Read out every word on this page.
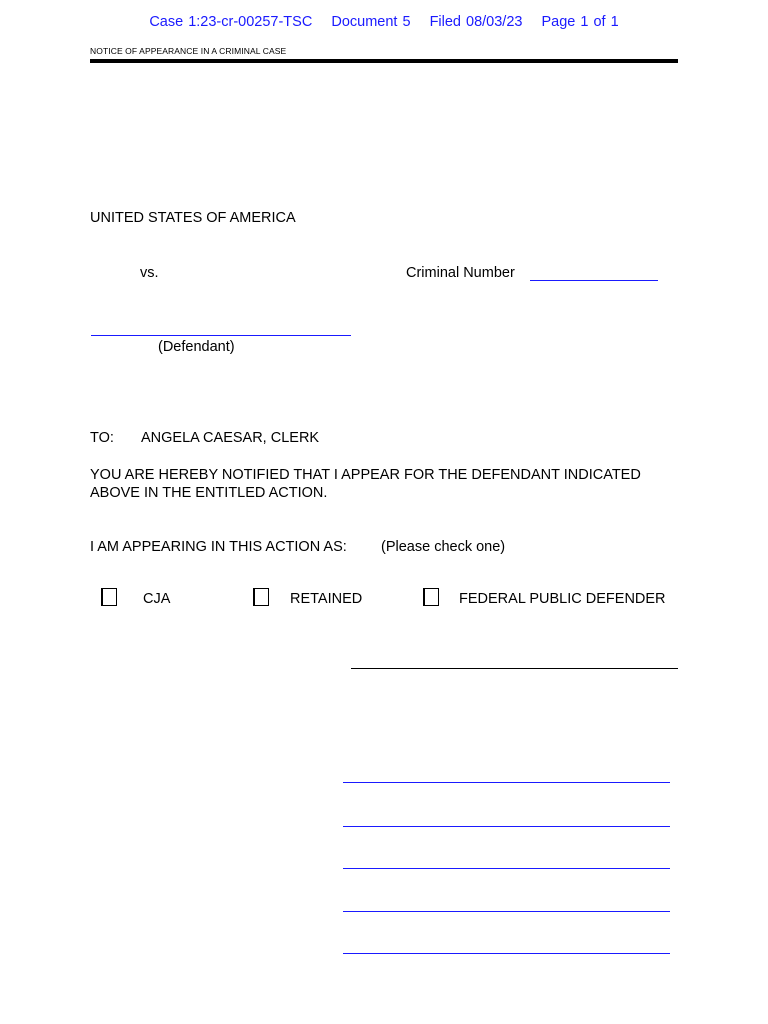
Case 1:23-cr-00257-TSC Document 5 Filed 08/03/23 Page 1 of 1
NOTICE OF APPEARANCE IN A CRIMINAL CASE
UNITED STATES OF AMERICA
vs.	Criminal Number
(Defendant)
TO: ANGELA CAESAR, CLERK
YOU ARE HEREBY NOTIFIED THAT I APPEAR FOR THE DEFENDANT INDICATED ABOVE IN THE ENTITLED ACTION.
I AM APPEARING IN THIS ACTION AS: (Please check one)
CJA	RETAINED	FEDERAL PUBLIC DEFENDER
